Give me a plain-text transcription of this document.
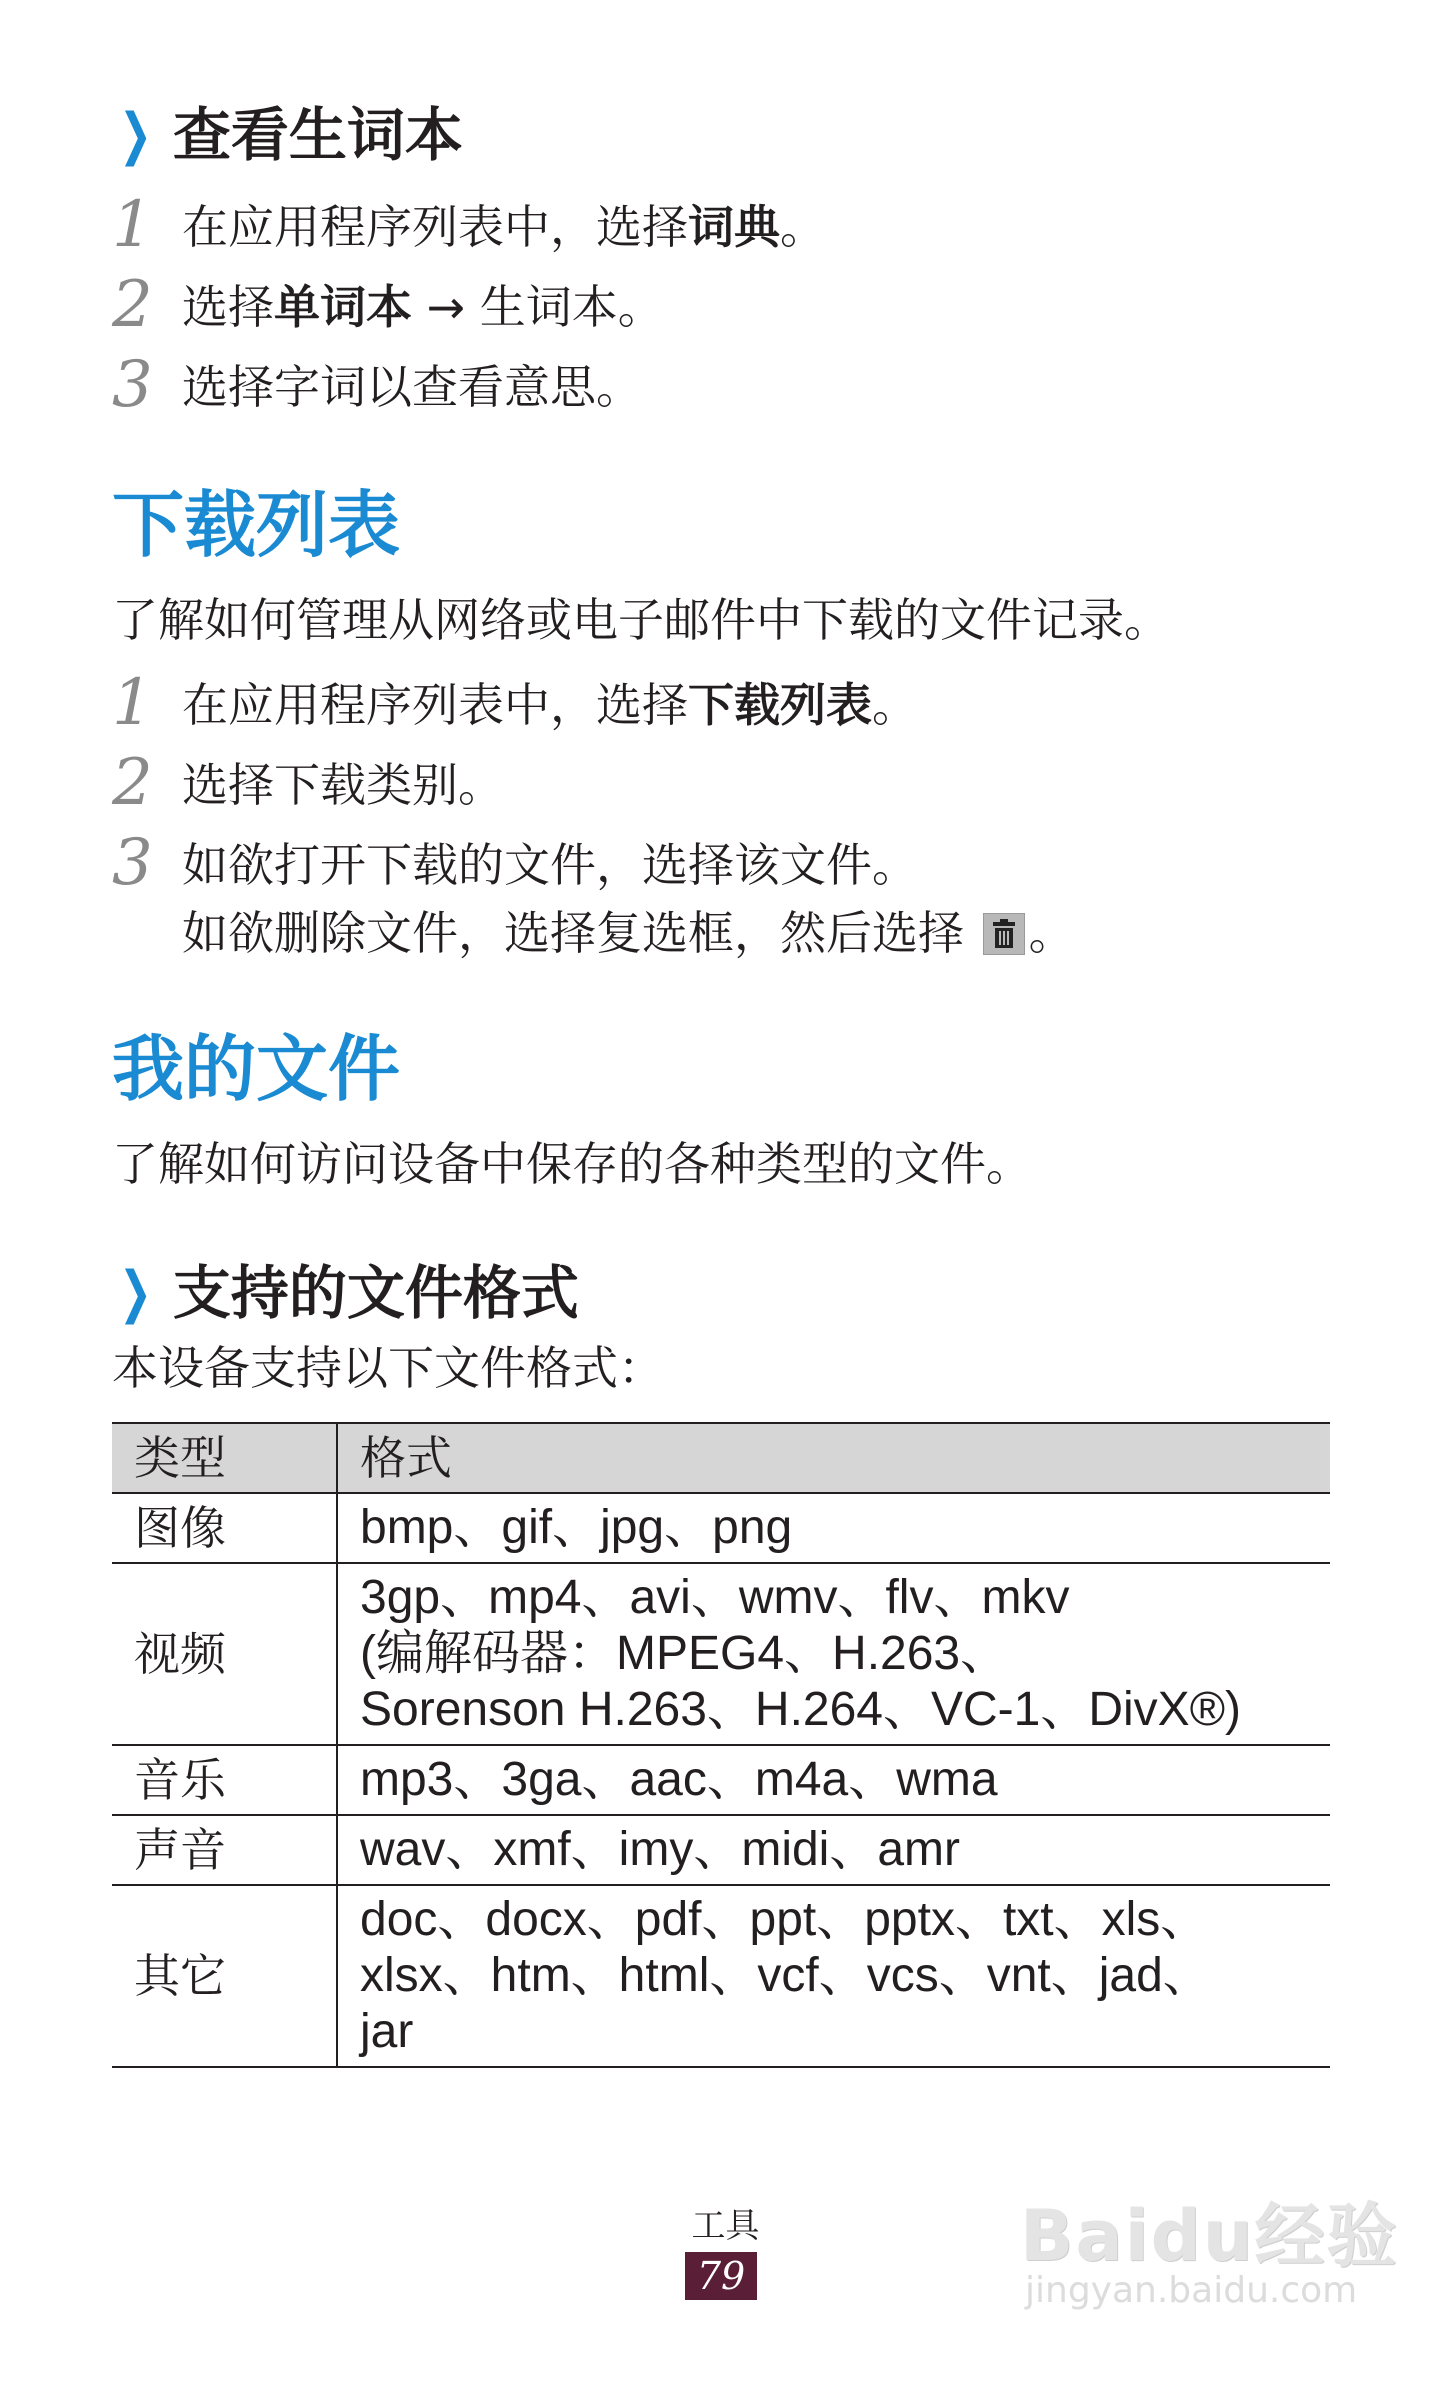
❯ 查看生词本
1 在应用程序列表中，选择词典。
2 选择单词本 → 生词本。
3 选择字词以查看意思。
下载列表
了解如何管理从网络或电子邮件中下载的文件记录。
1 在应用程序列表中，选择下载列表。
2 选择下载类别。
3 如欲打开下载的文件，选择该文件。
如欲删除文件，选择复选框，然后选择 。
我的文件
了解如何访问设备中保存的各种类型的文件。
❯ 支持的文件格式
本设备支持以下文件格式：
类型	格式
图像	bmp、gif、jpg、png

视频	3gp、mp4、avi、wmv、flv、mkv
(编解码器：MPEG4、H.263、
Sorenson H.263、H.264、VC-1、DivX®)

音乐	mp3、3ga、aac、m4a、wma

声音	wav、xmf、imy、midi、amr

其它	doc、docx、pdf、ppt、pptx、txt、xls、
xlsx、htm、html、vcf、vcs、vnt、jad、
jar
工具
79	Baidu经验
jingyan.baidu.com
